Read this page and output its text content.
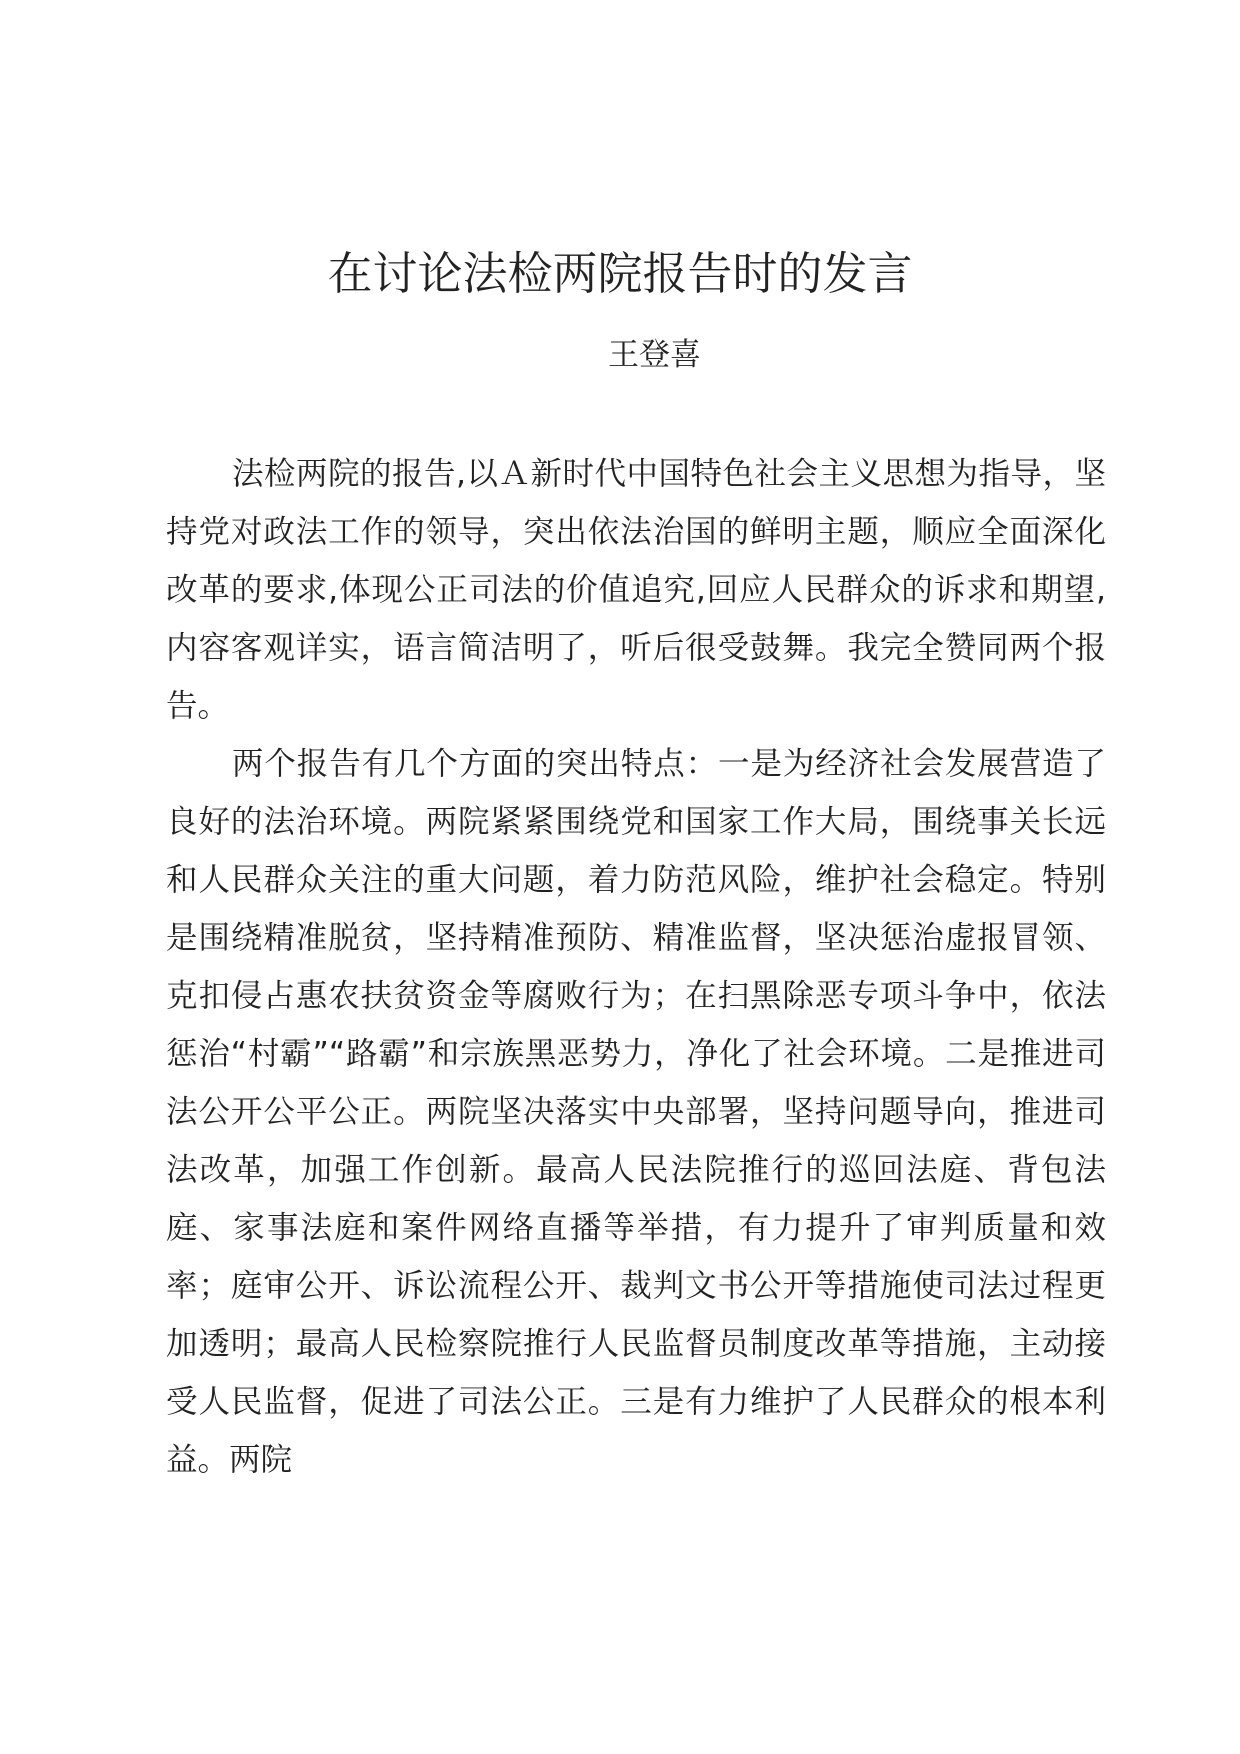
在讨论法检两院报告时的发言
王登喜

法检两院的报告,以Ａ新时代中国特色社会主义思想为指导，坚持党对政法工作的领导，突出依法治国的鲜明主题，顺应全面深化改革的要求,体现公正司法的价值追究,回应人民群众的诉求和期望,内容客观详实，语言简洁明了，听后很受鼓舞。我完全赞同两个报告。

两个报告有几个方面的突出特点：一是为经济社会发展营造了良好的法治环境。两院紧紧围绕党和国家工作大局，围绕事关长远和人民群众关注的重大问题，着力防范风险，维护社会稳定。特别是围绕精准脱贫，坚持精准预防、精准监督，坚决惩治虚报冒领、克扣侵占惠农扶贫资金等腐败行为；在扫黑除恶专项斗争中，依法惩治“村霸”“路霸”和宗族黑恶势力，净化了社会环境。二是推进司法公开公平公正。两院坚决落实中央部署，坚持问题导向，推进司法改革，加强工作创新。最高人民法院推行的巡回法庭、背包法庭、家事法庭和案件网络直播等举措，有力提升了审判质量和效率；庭审公开、诉讼流程公开、裁判文书公开等措施使司法过程更加透明；最高人民检察院推行人民监督员制度改革等措施，主动接受人民监督，促进了司法公正。三是有力维护了人民群众的根本利益。两院
